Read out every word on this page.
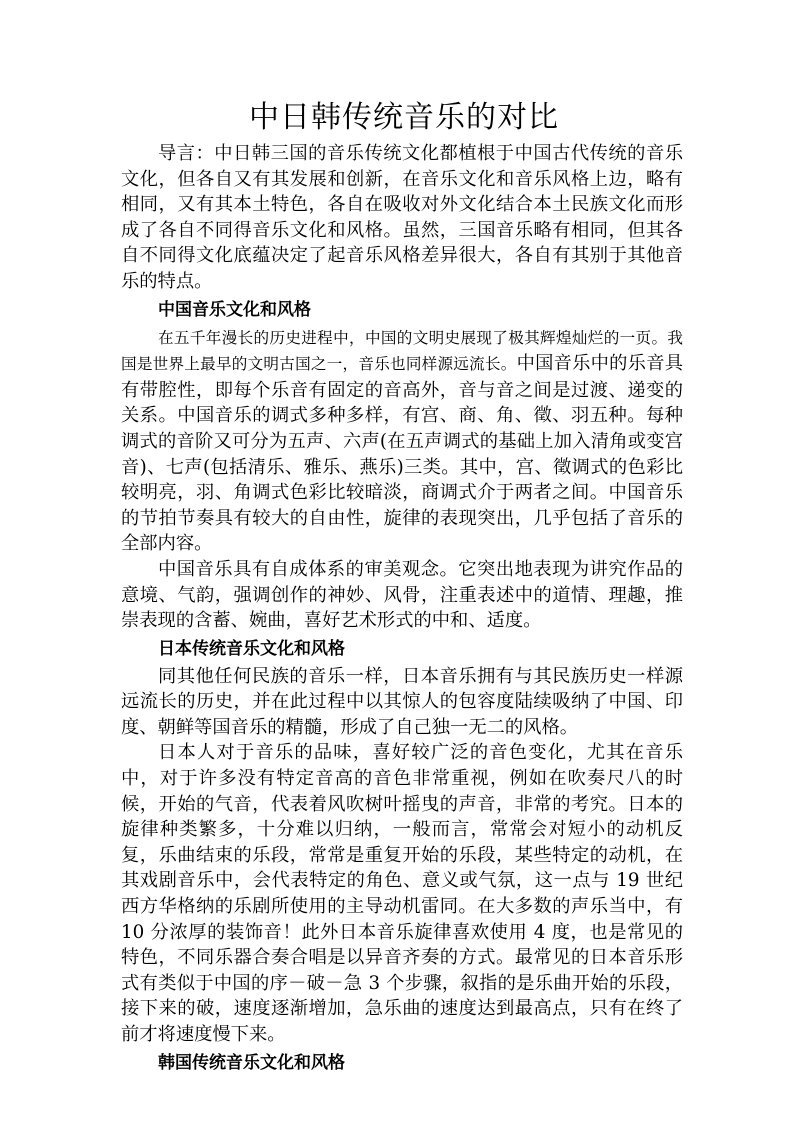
中日韩传统音乐的对比

导言：中日韩三国的音乐传统文化都植根于中国古代传统的音乐文化，但各自又有其发展和创新，在音乐文化和音乐风格上边，略有相同，又有其本土特色，各自在吸收对外文化结合本土民族文化而形成了各自不同得音乐文化和风格。虽然，三国音乐略有相同，但其各自不同得文化底蕴决定了起音乐风格差异很大，各自有其别于其他音乐的特点。

中国音乐文化和风格

在五千年漫长的历史进程中，中国的文明史展现了极其辉煌灿烂的一页。我国是世界上最早的文明古国之一，音乐也同样源远流长。中国音乐中的乐音具有带腔性，即每个乐音有固定的音高外，音与音之间是过渡、递变的关系。中国音乐的调式多种多样，有宫、商、角、徵、羽五种。每种调式的音阶又可分为五声、六声(在五声调式的基础上加入清角或变宫音)、七声(包括清乐、雅乐、燕乐)三类。其中，宫、徵调式的色彩比较明亮，羽、角调式色彩比较暗淡，商调式介于两者之间。中国音乐的节拍节奏具有较大的自由性，旋律的表现突出，几乎包括了音乐的全部内容。

中国音乐具有自成体系的审美观念。它突出地表现为讲究作品的意境、气韵，强调创作的神妙、风骨，注重表述中的道情、理趣，推崇表现的含蓄、婉曲，喜好艺术形式的中和、适度。

日本传统音乐文化和风格

同其他任何民族的音乐一样，日本音乐拥有与其民族历史一样源远流长的历史，并在此过程中以其惊人的包容度陆续吸纳了中国、印度、朝鲜等国音乐的精髓，形成了自己独一无二的风格。

日本人对于音乐的品味，喜好较广泛的音色变化，尤其在音乐中，对于许多没有特定音高的音色非常重视，例如在吹奏尺八的时候，开始的气音，代表着风吹树叶摇曳的声音，非常的考究。日本的旋律种类繁多，十分难以归纳，一般而言，常常会对短小的动机反复，乐曲结束的乐段，常常是重复开始的乐段，某些特定的动机，在其戏剧音乐中，会代表特定的角色、意义或气氛，这一点与 19 世纪西方华格纳的乐剧所使用的主导动机雷同。在大多数的声乐当中，有 10 分浓厚的装饰音！此外日本音乐旋律喜欢使用 4 度，也是常见的特色，不同乐器合奏合唱是以异音齐奏的方式。最常见的日本音乐形式有类似于中国的序－破－急 3 个步骤，叙指的是乐曲开始的乐段，接下来的破，速度逐渐增加，急乐曲的速度达到最高点，只有在终了前才将速度慢下来。

韩国传统音乐文化和风格
